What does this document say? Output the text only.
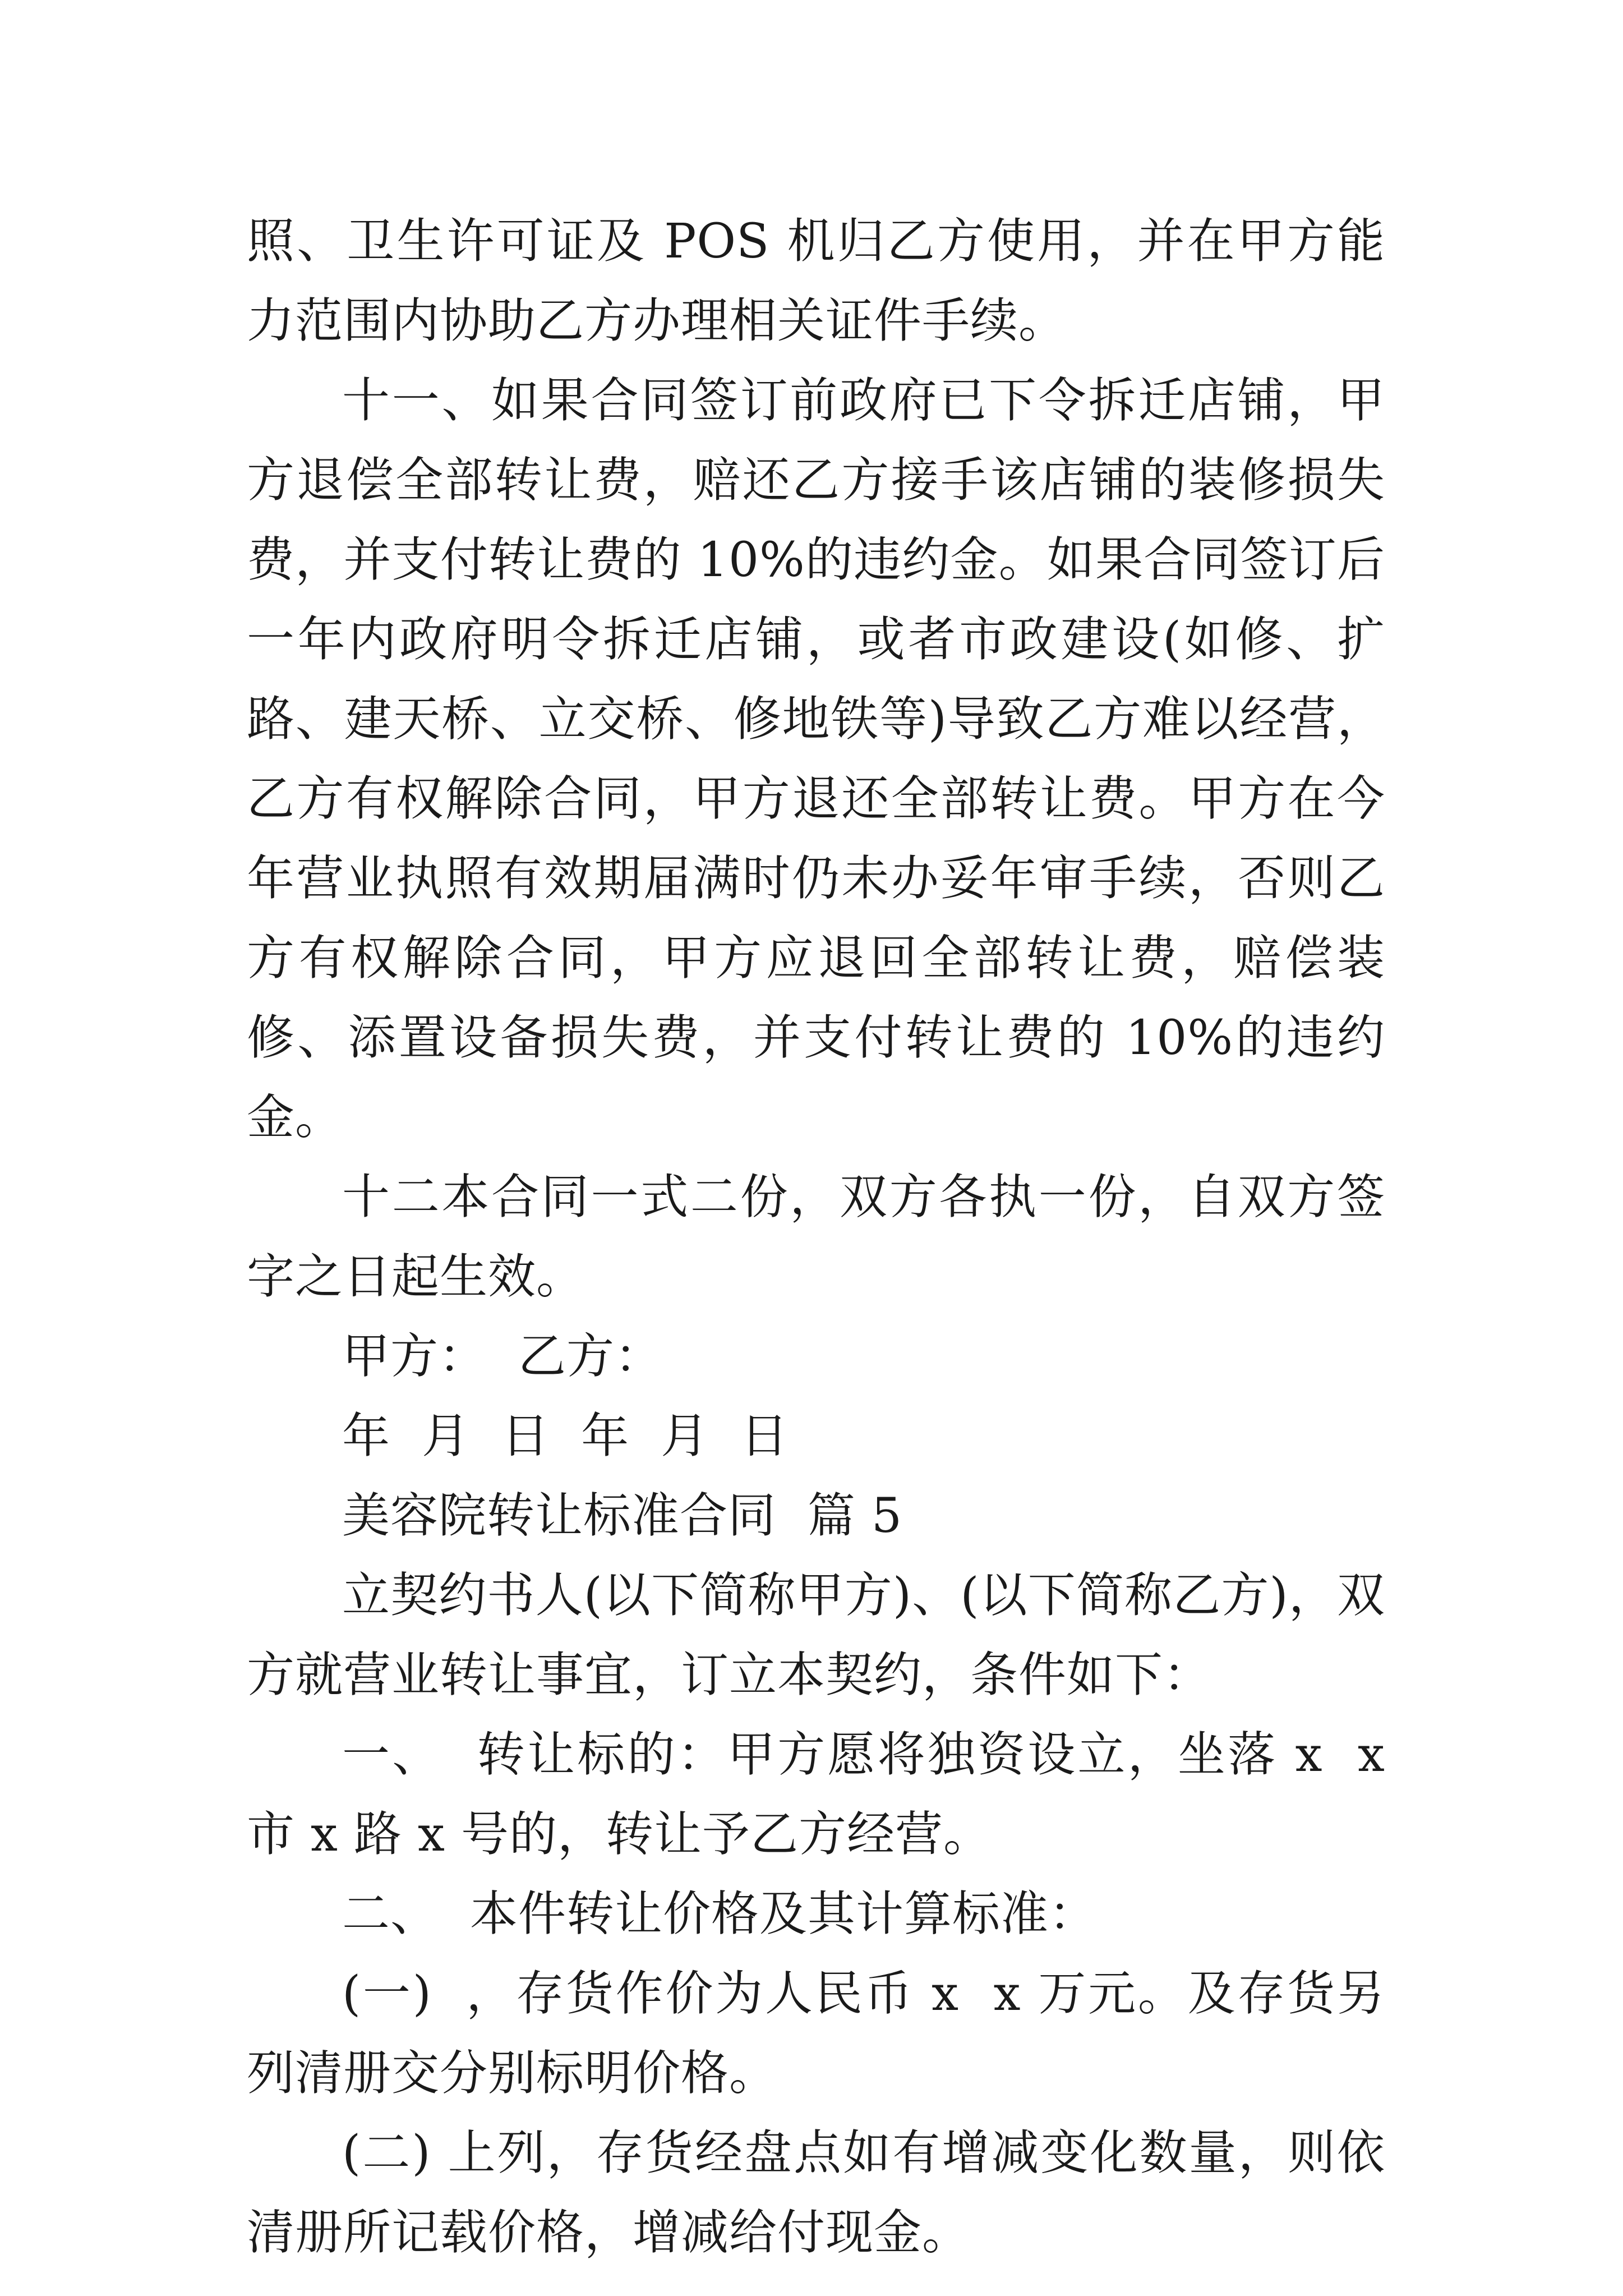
照、卫生许可证及 POS 机归乙方使用，并在甲方能力范围内协助乙方办理相关证件手续。

十一、如果合同签订前政府已下令拆迁店铺，甲方退偿全部转让费，赔还乙方接手该店铺的装修损失费，并支付转让费的 10%的违约金。如果合同签订后一年内政府明令拆迁店铺，或者市政建设(如修、扩路、建天桥、立交桥、修地铁等)导致乙方难以经营，乙方有权解除合同，甲方退还全部转让费。甲方在今年营业执照有效期届满时仍未办妥年审手续，否则乙方有权解除合同，甲方应退回全部转让费，赔偿装修、添置设备损失费，并支付转让费的 10%的违约金。

十二本合同一式二份，双方各执一份，自双方签字之日起生效。

甲方：  乙方：

年  月  日  年  月  日

美容院转让标准合同  篇 5

立契约书人(以下简称甲方)、(以下简称乙方)，双方就营业转让事宜，订立本契约，条件如下：

一、  转让标的：甲方愿将独资设立，坐落 x  x 市 x 路 x 号的，转让予乙方经营。

二、  本件转让价格及其计算标准：

(一)  ，存货作价为人民币 x  x 万元。及存货另列清册交分别标明价格。

(二) 上列，存货经盘点如有增减变化数量，则依清册所记载价格，增减给付现金。
